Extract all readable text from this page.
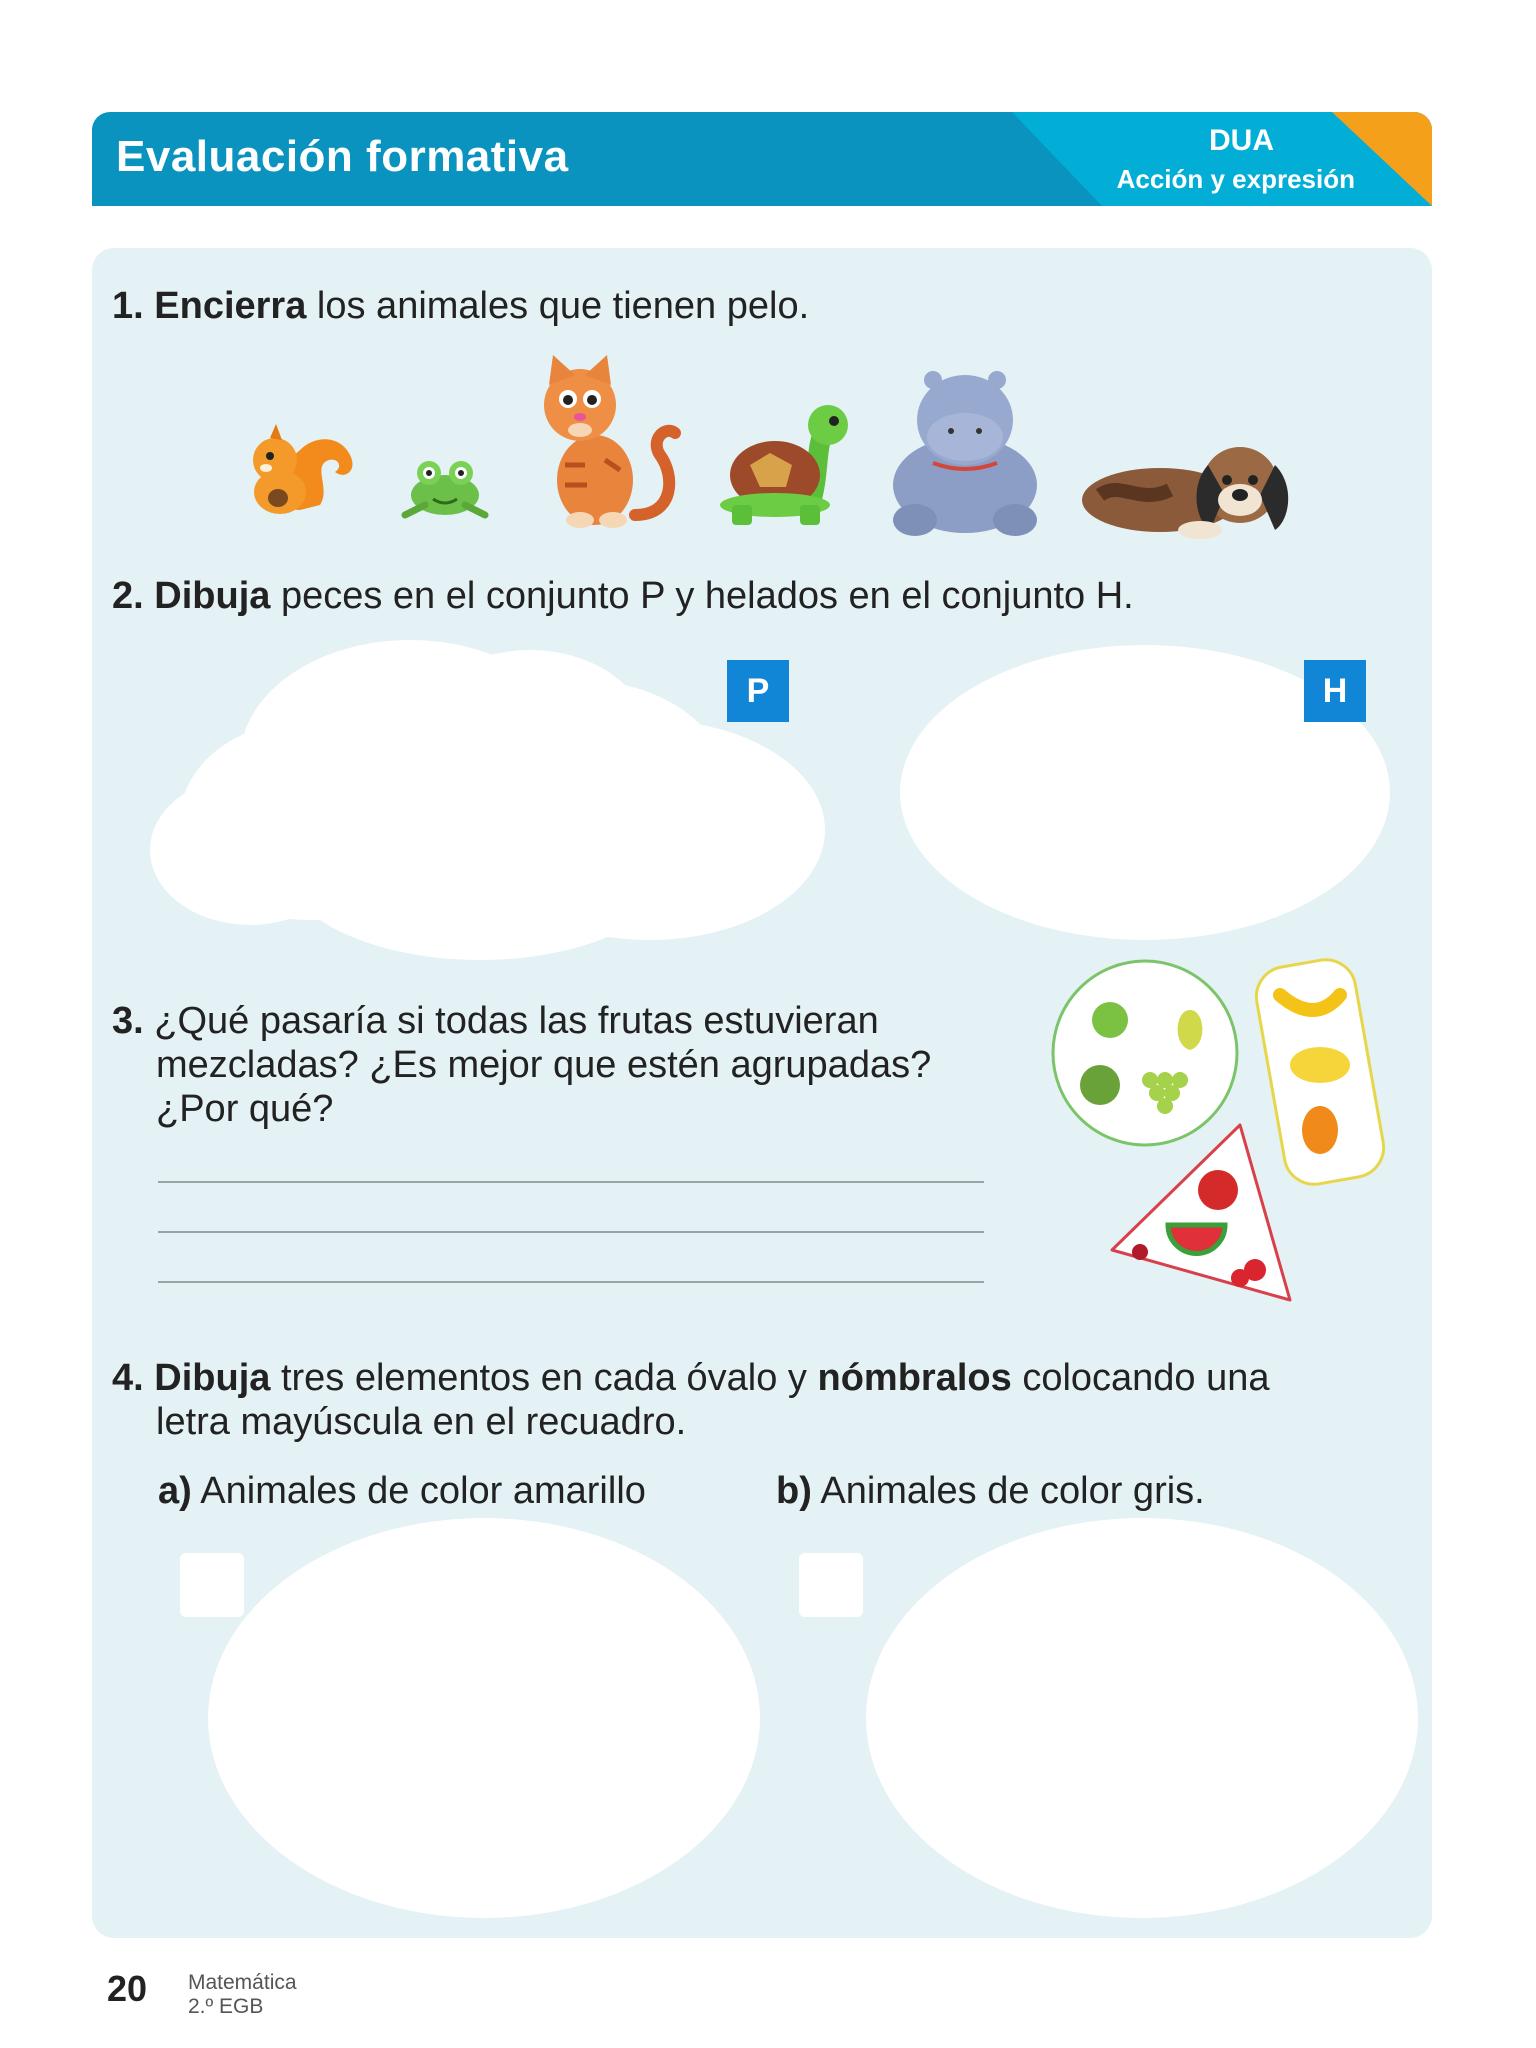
Evaluación formativa	DUA
Acción y expresión
1. Encierra los animales que tienen pelo.
2. Dibuja peces en el conjunto P y helados en el conjunto H.
P	H
3. ¿Qué pasaría si todas las frutas estuvieran
mezcladas? ¿Es mejor que estén agrupadas?
¿Por qué?
4. Dibuja tres elementos en cada óvalo y nómbralos colocando una
letra mayúscula en el recuadro.
a) Animales de color amarillo	b) Animales de color gris.
20 Matemática
2.º EGB
